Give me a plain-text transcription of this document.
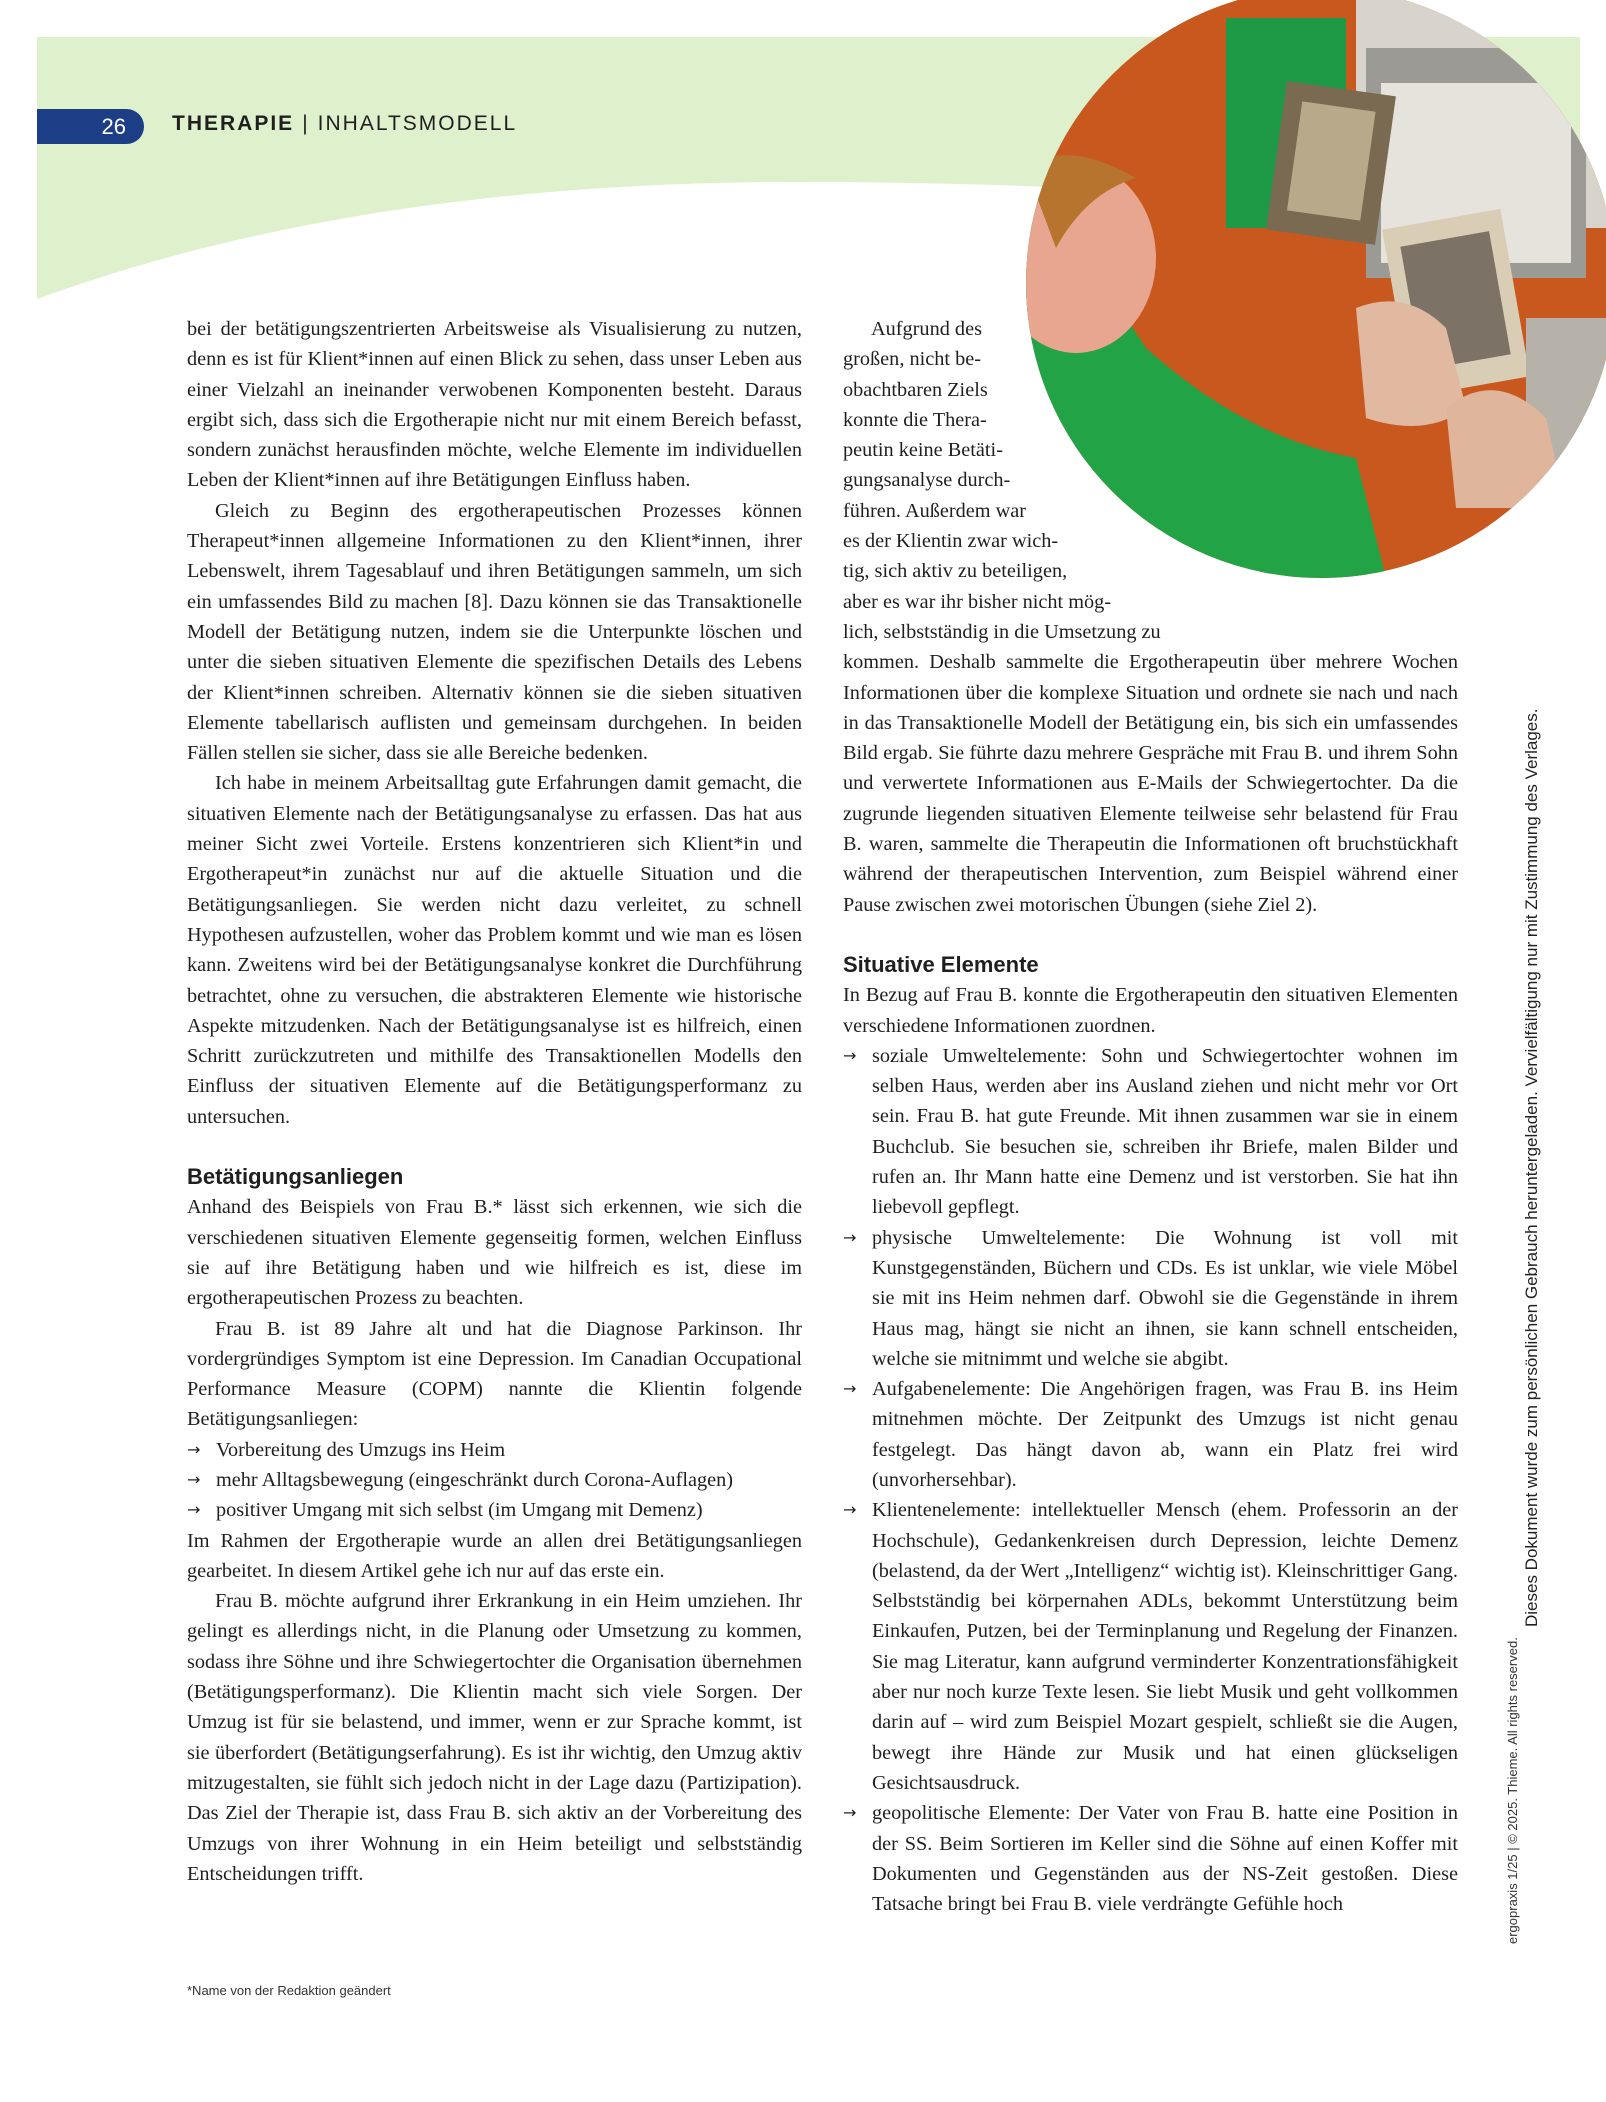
26	THERAPIE | INHALTSMODELL

bei der betätigungszentrierten Arbeitsweise als Visualisierung zu nutzen, denn es ist für Klient*innen auf einen Blick zu sehen, dass unser Leben aus einer Vielzahl an ineinander verwobenen Komponenten besteht. Daraus ergibt sich, dass sich die Ergotherapie nicht nur mit einem Bereich befasst, sondern zunächst herausfinden möchte, welche Elemente im individuellen Leben der Klient*innen auf ihre Betätigungen Einfluss haben.

Gleich zu Beginn des ergotherapeutischen Prozesses können Therapeut*innen allgemeine Informationen zu den Klient*innen, ihrer Lebenswelt, ihrem Tagesablauf und ihren Betätigungen sammeln, um sich ein umfassendes Bild zu machen [8]. Dazu können sie das Transaktionelle Modell der Betätigung nutzen, indem sie die Unterpunkte löschen und unter die sieben situativen Elemente die spezifischen Details des Lebens der Klient*innen schreiben. Alternativ können sie die sieben situativen Elemente tabellarisch auflisten und gemeinsam durchgehen. In beiden Fällen stellen sie sicher, dass sie alle Bereiche bedenken.

Ich habe in meinem Arbeitsalltag gute Erfahrungen damit gemacht, die situativen Elemente nach der Betätigungsanalyse zu erfassen. Das hat aus meiner Sicht zwei Vorteile. Erstens konzentrieren sich Klient*in und Ergotherapeut*in zunächst nur auf die aktuelle Situation und die Betätigungsanliegen. Sie werden nicht dazu verleitet, zu schnell Hypothesen aufzustellen, woher das Problem kommt und wie man es lösen kann. Zweitens wird bei der Betätigungsanalyse konkret die Durchführung betrachtet, ohne zu versuchen, die abstrakteren Elemente wie historische Aspekte mitzudenken. Nach der Betätigungsanalyse ist es hilfreich, einen Schritt zurückzutreten und mithilfe des Transaktionellen Modells den Einfluss der situativen Elemente auf die Betätigungsperformanz zu untersuchen.

Betätigungsanliegen

Anhand des Beispiels von Frau B.* lässt sich erkennen, wie sich die verschiedenen situativen Elemente gegenseitig formen, welchen Einfluss sie auf ihre Betätigung haben und wie hilfreich es ist, diese im ergotherapeutischen Prozess zu beachten.

Frau B. ist 89 Jahre alt und hat die Diagnose Parkinson. Ihr vordergründiges Symptom ist eine Depression. Im Canadian Occupational Performance Measure (COPM) nannte die Klientin folgende Betätigungsanliegen:

→ Vorbereitung des Umzugs ins Heim
→ mehr Alltagsbewegung (eingeschränkt durch Corona-Auflagen)
→ positiver Umgang mit sich selbst (im Umgang mit Demenz)

Im Rahmen der Ergotherapie wurde an allen drei Betätigungsanliegen gearbeitet. In diesem Artikel gehe ich nur auf das erste ein.

Frau B. möchte aufgrund ihrer Erkrankung in ein Heim umziehen. Ihr gelingt es allerdings nicht, in die Planung oder Umsetzung zu kommen, sodass ihre Söhne und ihre Schwiegertochter die Organisation übernehmen (Betätigungsperformanz). Die Klientin macht sich viele Sorgen. Der Umzug ist für sie belastend, und immer, wenn er zur Sprache kommt, ist sie überfordert (Betätigungserfahrung). Es ist ihr wichtig, den Umzug aktiv mitzugestalten, sie fühlt sich jedoch nicht in der Lage dazu (Partizipation). Das Ziel der Therapie ist, dass Frau B. sich aktiv an der Vorbereitung des Umzugs von ihrer Wohnung in ein Heim beteiligt und selbstständig Entscheidungen trifft.

Aufgrund des
großen, nicht be-
obachtbaren Ziels
konnte die Thera-
peutin keine Betäti-
gungsanalyse durch-
führen. Außerdem war
es der Klientin zwar wich-
tig, sich aktiv zu beteiligen,
aber es war ihr bisher nicht mög-
lich, selbstständig in die Umsetzung zu

kommen. Deshalb sammelte die Ergotherapeutin über mehrere Wochen Informationen über die komplexe Situation und ordnete sie nach und nach in das Transaktionelle Modell der Betätigung ein, bis sich ein umfassendes Bild ergab. Sie führte dazu mehrere Gespräche mit Frau B. und ihrem Sohn und verwertete Informationen aus E-Mails der Schwiegertochter. Da die zugrunde liegenden situativen Elemente teilweise sehr belastend für Frau B. waren, sammelte die Therapeutin die Informationen oft bruchstückhaft während der therapeutischen Intervention, zum Beispiel während einer Pause zwischen zwei motorischen Übungen (siehe Ziel 2).

Situative Elemente

In Bezug auf Frau B. konnte die Ergotherapeutin den situativen Elementen verschiedene Informationen zuordnen.

→ soziale Umweltelemente: Sohn und Schwiegertochter wohnen im selben Haus, werden aber ins Ausland ziehen und nicht mehr vor Ort sein. Frau B. hat gute Freunde. Mit ihnen zusammen war sie in einem Buchclub. Sie besuchen sie, schreiben ihr Briefe, malen Bilder und rufen an. Ihr Mann hatte eine Demenz und ist verstorben. Sie hat ihn liebevoll gepflegt.
→ physische Umweltelemente: Die Wohnung ist voll mit Kunstgegenständen, Büchern und CDs. Es ist unklar, wie viele Möbel sie mit ins Heim nehmen darf. Obwohl sie die Gegenstände in ihrem Haus mag, hängt sie nicht an ihnen, sie kann schnell entscheiden, welche sie mitnimmt und welche sie abgibt.
→ Aufgabenelemente: Die Angehörigen fragen, was Frau B. ins Heim mitnehmen möchte. Der Zeitpunkt des Umzugs ist nicht genau festgelegt. Das hängt davon ab, wann ein Platz frei wird (unvorhersehbar).
→ Klientenelemente: intellektueller Mensch (ehem. Professorin an der Hochschule), Gedankenkreisen durch Depression, leichte Demenz (belastend, da der Wert „Intelligenz“ wichtig ist). Kleinschrittiger Gang. Selbstständig bei körpernahen ADLs, bekommt Unterstützung beim Einkaufen, Putzen, bei der Terminplanung und Regelung der Finanzen. Sie mag Literatur, kann aufgrund verminderter Konzentrationsfähigkeit aber nur noch kurze Texte lesen. Sie liebt Musik und geht vollkommen darin auf – wird zum Beispiel Mozart gespielt, schließt sie die Augen, bewegt ihre Hände zur Musik und hat einen glückseligen Gesichtsausdruck.
→ geopolitische Elemente: Der Vater von Frau B. hatte eine Position in der SS. Beim Sortieren im Keller sind die Söhne auf einen Koffer mit Dokumenten und Gegenständen aus der NS-Zeit gestoßen. Diese Tatsache bringt bei Frau B. viele verdrängte Gefühle hoch
*Name von der Redaktion geändert
Dieses Dokument wurde zum persönlichen Gebrauch heruntergeladen. Vervielfältigung nur mit Zustimmung des Verlages.
ergopraxis 1/25 | © 2025. Thieme. All rights reserved.
